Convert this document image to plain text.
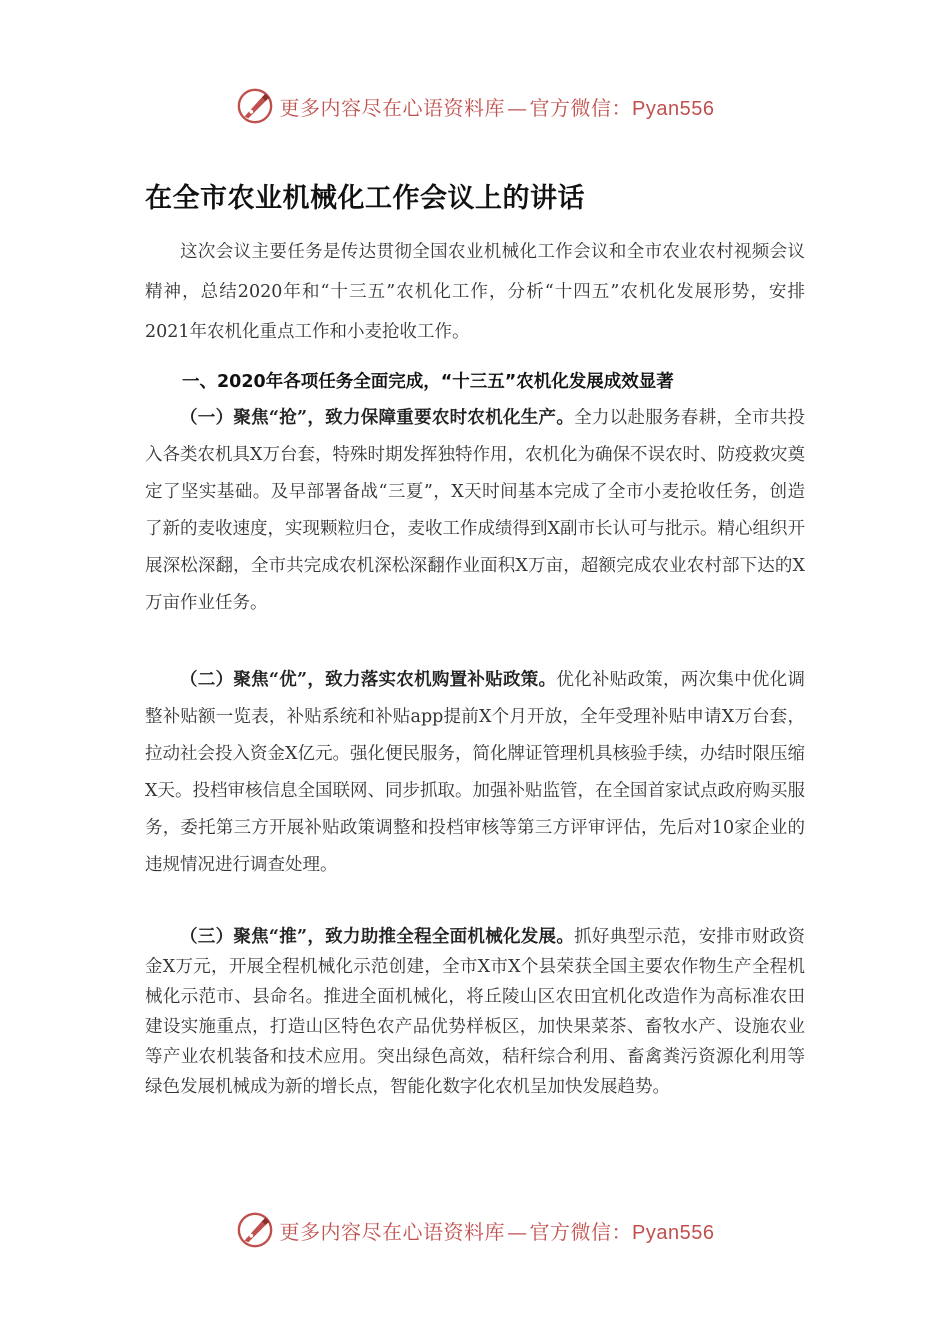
更多内容尽在心语资料库 — 官方微信：Pyan556
在全市农业机械化工作会议上的讲话
这次会议主要任务是传达贯彻全国农业机械化工作会议和全市农业农村视频会议精神，总结2020年和“十三五”农机化工作，分析“十四五”农机化发展形势，安排2021年农机化重点工作和小麦抢收工作。
一、2020年各项任务全面完成，“十三五”农机化发展成效显著
（一）聚焦“抢”，致力保障重要农时农机化生产。全力以赴服务春耕，全市共投入各类农机具X万台套，特殊时期发挥独特作用，农机化为确保不误农时、防疫救灾奠定了坚实基础。及早部署备战“三夏”，X天时间基本完成了全市小麦抢收任务，创造了新的麦收速度，实现颗粒归仓，麦收工作成绩得到X副市长认可与批示。精心组织开展深松深翻，全市共完成农机深松深翻作业面积X万亩，超额完成农业农村部下达的X万亩作业任务。
（二）聚焦“优”，致力落实农机购置补贴政策。优化补贴政策，两次集中优化调整补贴额一览表，补贴系统和补贴app提前X个月开放，全年受理补贴申请X万台套，拉动社会投入资金X亿元。强化便民服务，简化牌证管理机具核验手续，办结时限压缩X天。投档审核信息全国联网、同步抓取。加强补贴监管，在全国首家试点政府购买服务，委托第三方开展补贴政策调整和投档审核等第三方评审评估，先后对10家企业的违规情况进行调查处理。
（三）聚焦“推”，致力助推全程全面机械化发展。抓好典型示范，安排市财政资金X万元，开展全程机械化示范创建，全市X市X个县荣获全国主要农作物生产全程机械化示范市、县命名。推进全面机械化，将丘陵山区农田宜机化改造作为高标准农田建设实施重点，打造山区特色农产品优势样板区，加快果菜茶、畜牧水产、设施农业等产业农机装备和技术应用。突出绿色高效，秸秆综合利用、畜禽粪污资源化利用等绿色发展机械成为新的增长点，智能化数字化农机呈加快发展趋势。
更多内容尽在心语资料库 — 官方微信：Pyan556
